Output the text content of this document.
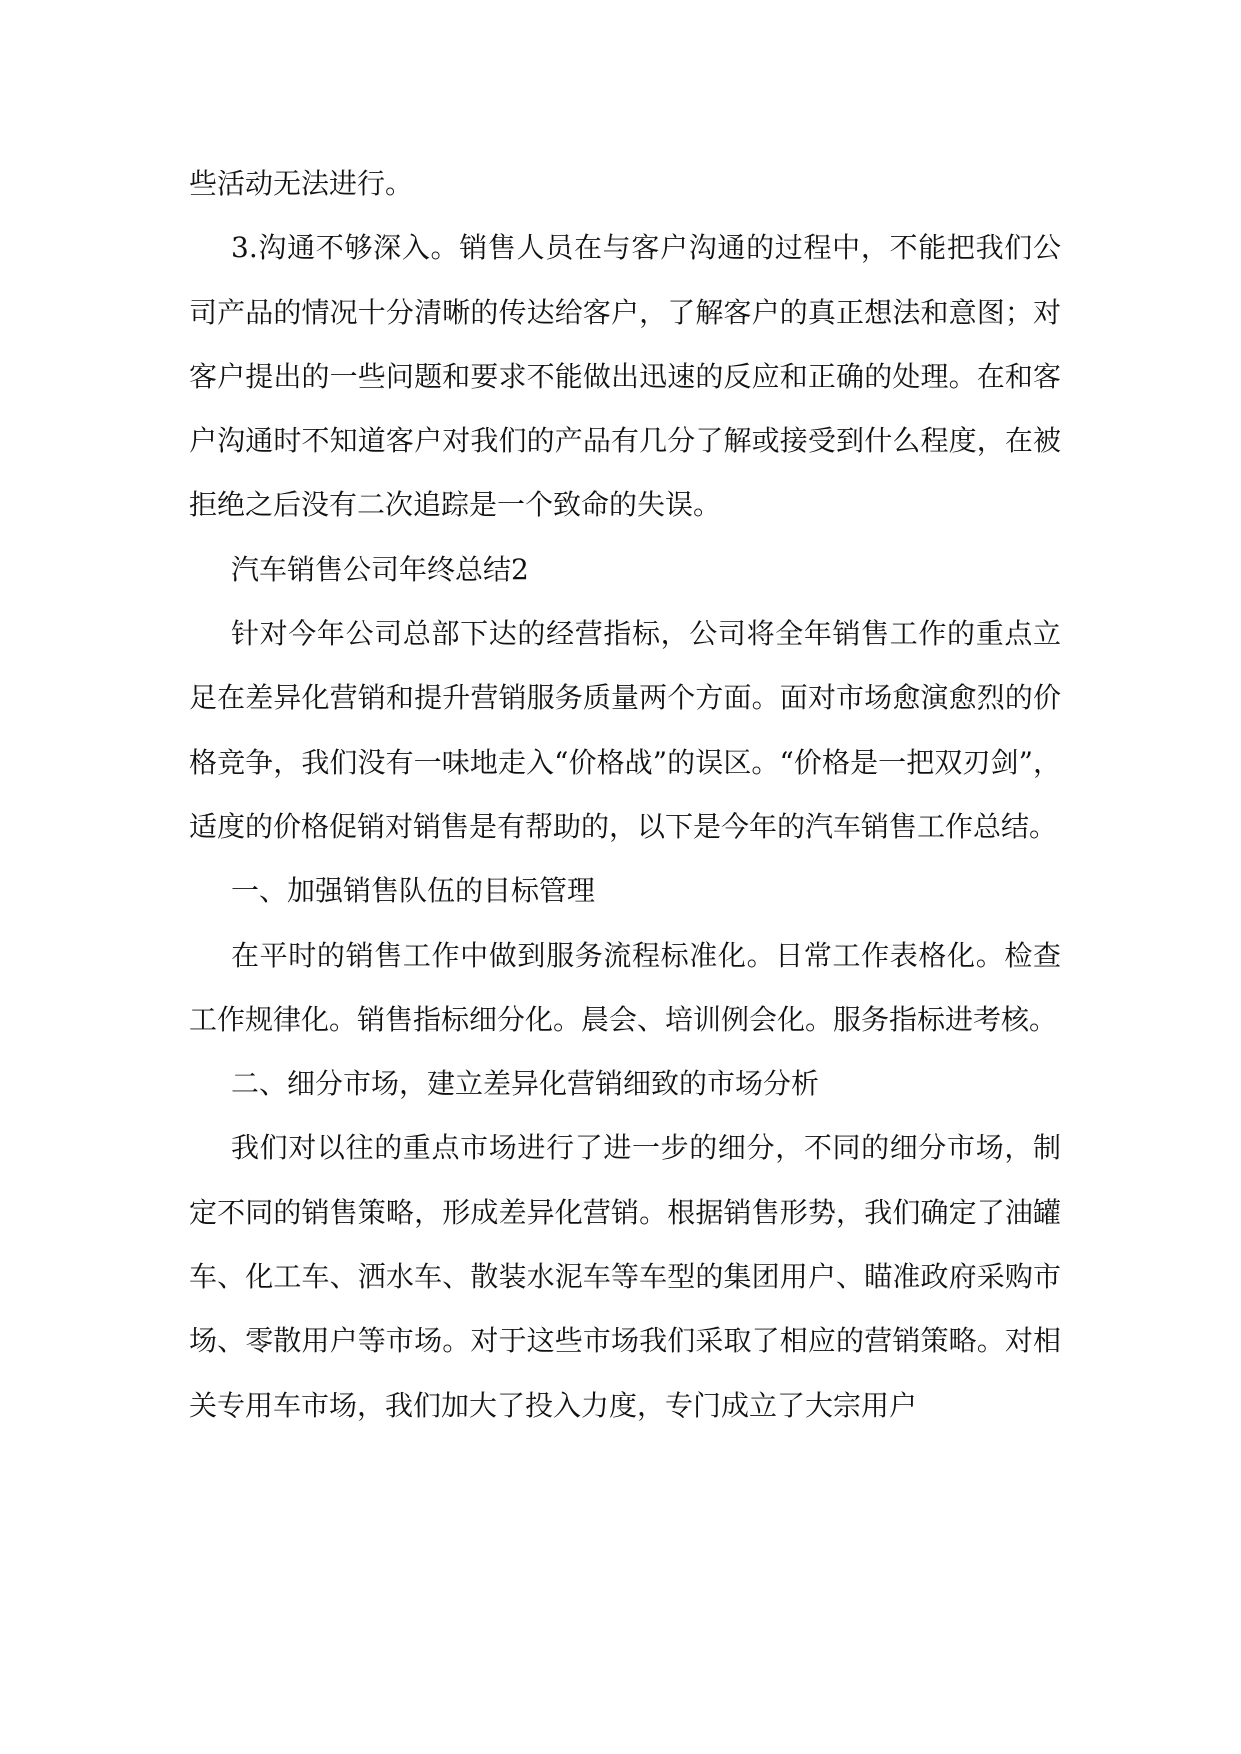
些活动无法进行。

3.沟通不够深入。销售人员在与客户沟通的过程中，不能把我们公司产品的情况十分清晰的传达给客户，了解客户的真正想法和意图；对客户提出的一些问题和要求不能做出迅速的反应和正确的处理。在和客户沟通时不知道客户对我们的产品有几分了解或接受到什么程度，在被拒绝之后没有二次追踪是一个致命的失误。

汽车销售公司年终总结2

针对今年公司总部下达的经营指标，公司将全年销售工作的重点立足在差异化营销和提升营销服务质量两个方面。面对市场愈演愈烈的价格竞争，我们没有一味地走入“价格战”的误区。“价格是一把双刃剑”，适度的价格促销对销售是有帮助的，以下是今年的汽车销售工作总结。

一、加强销售队伍的目标管理

在平时的销售工作中做到服务流程标准化。日常工作表格化。检查工作规律化。销售指标细分化。晨会、培训例会化。服务指标进考核。

二、细分市场，建立差异化营销细致的市场分析

我们对以往的重点市场进行了进一步的细分，不同的细分市场，制定不同的销售策略，形成差异化营销。根据销售形势，我们确定了油罐车、化工车、洒水车、散装水泥车等车型的集团用户、瞄准政府采购市场、零散用户等市场。对于这些市场我们采取了相应的营销策略。对相关专用车市场，我们加大了投入力度，专门成立了大宗用户
